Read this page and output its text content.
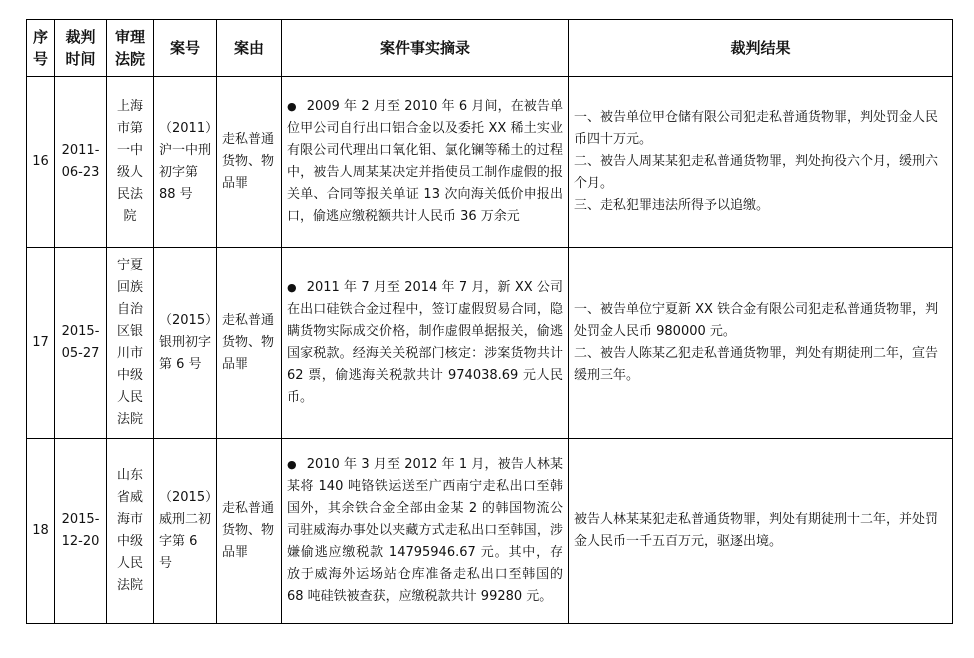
序号	裁判时间	审理法院	案号	案由	案件事实摘录	裁判结果
16	2011-06-23	上海市第一中级人民法院	（2011）沪一中刑初字第 88 号	走私普通货物、物品罪	● 2009 年 2 月至 2010 年 6 月间，在被告单位甲公司自行出口铝合金以及委托 XX 稀土实业有限公司代理出口氧化钼、氯化镧等稀土的过程中，被告人周某某决定并指使员工制作虚假的报关单、合同等报关单证 13 次向海关低价申报出口，偷逃应缴税额共计人民币 36 万余元	一、被告单位甲仓储有限公司犯走私普通货物罪，判处罚金人民币四十万元。
二、被告人周某某犯走私普通货物罪，判处拘役六个月，缓刑六个月。
三、走私犯罪违法所得予以追缴。

17	2015-05-27	宁夏回族自治区银川市中级人民法院	（2015）银刑初字第 6 号	走私普通货物、物品罪	● 2011 年 7 月至 2014 年 7 月，新 XX 公司在出口硅铁合金过程中，签订虚假贸易合同，隐瞒货物实际成交价格，制作虚假单据报关，偷逃国家税款。经海关关税部门核定：涉案货物共计 62 票，偷逃海关税款共计 974038.69 元人民币。	一、被告单位宁夏新 XX 铁合金有限公司犯走私普通货物罪，判处罚金人民币 980000 元。
二、被告人陈某乙犯走私普通货物罪，判处有期徒刑二年，宣告缓刑三年。

18	2015-12-20	山东省威海市中级人民法院	（2015）威刑二初字第 6 号	走私普通货物、物品罪	● 2010 年 3 月至 2012 年 1 月，被告人林某某将 140 吨铬铁运送至广西南宁走私出口至韩国外，其余铁合金全部由金某 2 的韩国物流公司驻威海办事处以夹藏方式走私出口至韩国，涉嫌偷逃应缴税款 14795946.67 元。其中，存放于威海外运场站仓库准备走私出口至韩国的 68 吨硅铁被查获，应缴税款共计 99280 元。	被告人林某某犯走私普通货物罪，判处有期徒刑十二年，并处罚金人民币一千五百万元，驱逐出境。
